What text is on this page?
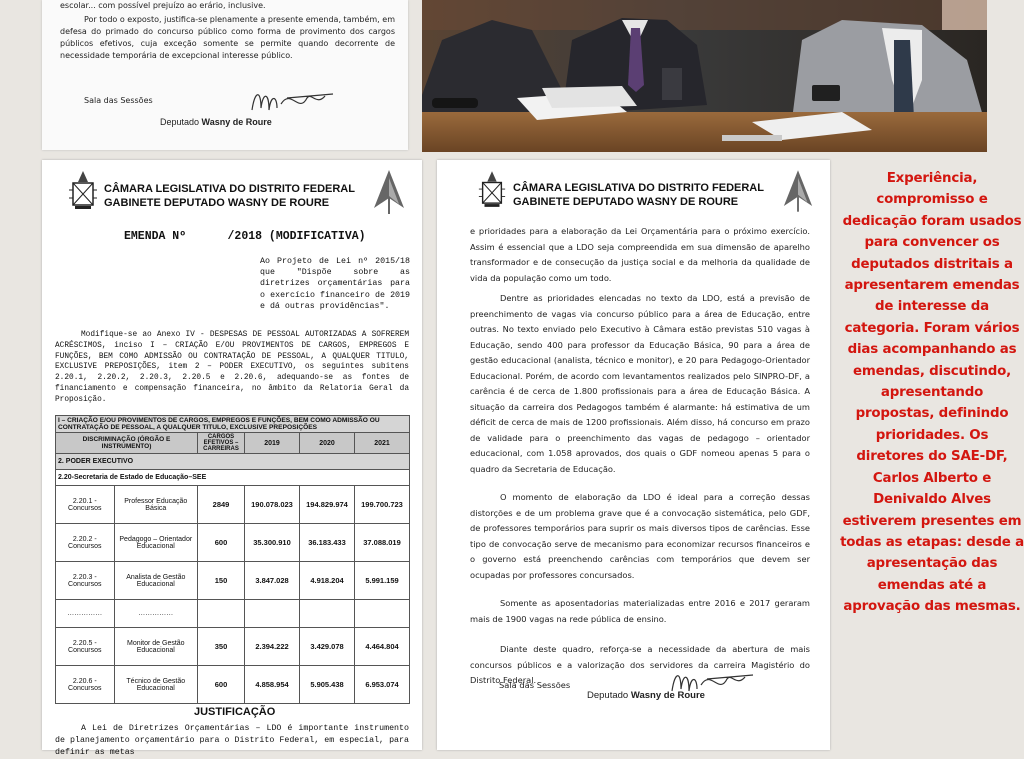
escolar... com possível prejuízo ao erário, inclusive.

Por todo o exposto, justifica-se plenamente a presente emenda, também, em defesa do primado do concurso público como forma de provimento dos cargos públicos efetivos, cuja exceção somente se permite quando decorrente de necessidade temporária de excepcional interesse público.

Sala das Sessões
Deputado Wasny de Roure
CÂMARA LEGISLATIVA DO DISTRITO FEDERAL
GABINETE DEPUTADO WASNY DE ROURE
EMENDA Nº      /2018 (MODIFICATIVA)
Ao Projeto de Lei nº 2015/18 que "Dispõe sobre as diretrizes orçamentárias para o exercício financeiro de 2019 e dá outras providências".
Modifique-se ao Anexo IV - DESPESAS DE PESSOAL AUTORIZADAS A SOFREREM ACRÉSCIMOS, inciso I – CRIAÇÃO E/OU PROVIMENTOS DE CARGOS, EMPREGOS E FUNÇÕES, BEM COMO ADMISSÃO OU CONTRATAÇÃO DE PESSOAL, A QUALQUER TITULO, EXCLUSIVE PREPOSIÇÕES, item 2 – PODER EXECUTIVO, os seguintes subitens 2.20.1, 2.20.2, 2.20.3, 2.20.5 e 2.20.6, adequando-se as fontes de financiamento e compensação financeira, no âmbito da Relatoria Geral da Proposição.
I – CRIAÇÃO E/OU PROVIMENTOS DE CARGOS, EMPREGOS E FUNÇÕES, BEM COMO ADMISSÃO OU CONTRATAÇÃO DE PESSOAL, A QUALQUER TITULO, EXCLUSIVE PREPOSIÇÕES					
DISCRIMINAÇÃO (ÓRGÃO E INSTRUMENTO)		CARGOS EFETIVOS – CARREIRAS	2019	2020	2021
2. PODER EXECUTIVO					
2.20-Secretaria de Estado de Educação–SEE					
2.20.1 - Concursos	Professor Educação Básica	2849	190.078.023	194.829.974	199.700.723
2.20.2 - Concursos	Pedagogo – Orientador Educacional	600	35.300.910	36.183.433	37.088.019
2.20.3 - Concursos	Analista de Gestão Educacional	150	3.847.028	4.918.204	5.991.159
……………	……………				
2.20.5 - Concursos	Monitor de Gestão Educacional	350	2.394.222	3.429.078	4.464.804
2.20.6 - Concursos	Técnico de Gestão Educacional	600	4.858.954	5.905.438	6.953.074
JUSTIFICAÇÃO
A Lei de Diretrizes Orçamentárias – LDO é importante instrumento de planejamento orçamentário para o Distrito Federal, em especial, para definir as metas
CÂMARA LEGISLATIVA DO DISTRITO FEDERAL
GABINETE DEPUTADO WASNY DE ROURE
e prioridades para a elaboração da Lei Orçamentária para o próximo exercício. Assim é essencial que a LDO seja compreendida em sua dimensão de aparelho transformador e de consecução da justiça social e da melhoria da qualidade de vida da população como um todo.
Dentre as prioridades elencadas no texto da LDO, está a previsão de preenchimento de vagas via concurso público para a área de Educação, entre outras. No texto enviado pelo Executivo à Câmara estão previstas 510 vagas à Educação, sendo 400 para professor da Educação Básica, 90 para a área de gestão educacional (analista, técnico e monitor), e 20 para Pedagogo-Orientador Educacional. Porém, de acordo com levantamentos realizados pelo SINPRO-DF, a carência é de cerca de 1.800 profissionais para a área de Educação Básica. A situação da carreira dos Pedagogos também é alarmante: há estimativa de um déficit de cerca de mais de 1200 profissionais. Além disso, há concurso em prazo de validade para o preenchimento das vagas de pedagogo – orientador educacional, com 1.058 aprovados, dos quais o GDF nomeou apenas 5 para o quadro da Secretaria de Educação.
O momento de elaboração da LDO é ideal para a correção dessas distorções e de um problema grave que é a convocação sistemática, pelo GDF, de professores temporários para suprir os mais diversos tipos de carências. Esse tipo de convocação serve de mecanismo para economizar recursos financeiros e o governo está preenchendo carências com temporários que devem ser ocupadas por professores concursados.
Somente as aposentadorias materializadas entre 2016 e 2017 geraram mais de 1900 vagas na rede pública de ensino.
Diante deste quadro, reforça-se a necessidade da abertura de mais concursos públicos e a valorização dos servidores da carreira Magistério do Distrito Federal.
Sala das Sessões
Deputado Wasny de Roure

Experiência, compromisso e dedicação foram usados para convencer os deputados distritais a apresentarem emendas de interesse da categoria. Foram vários dias acompanhando as emendas, discutindo, apresentando propostas, definindo prioridades. Os diretores do SAE-DF, Carlos Alberto e Denivaldo Alves estiverem presentes em todas as etapas: desde a apresentação das emendas até a aprovação das mesmas.
